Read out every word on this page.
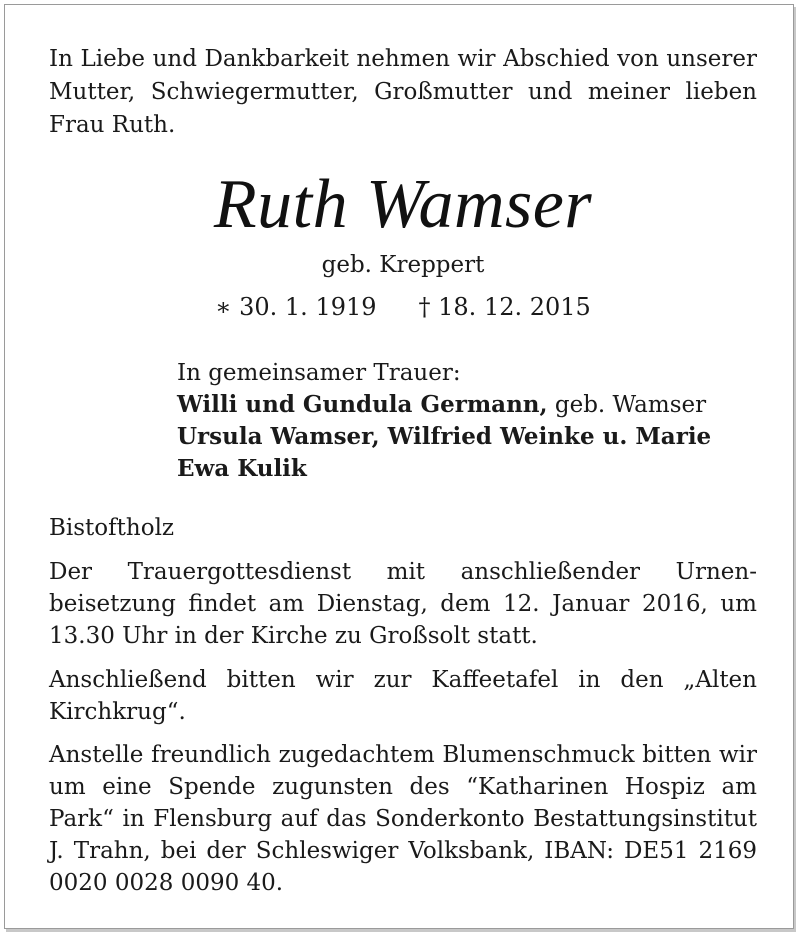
In Liebe und Dankbarkeit nehmen wir Abschied von unserer Mutter, Schwiegermutter, Großmutter und meiner lieben Frau Ruth.
Ruth Wamser
geb. Kreppert
∗ 30. 1. 1919 † 18. 12. 2015
In gemeinsamer Trauer:
Willi und Gundula Germann, geb. Wamser
Ursula Wamser, Wilfried Weinke u. Marie Ewa Kulik
Bistoftholz
Der Trauergottesdienst mit anschließender Urnenbeisetzung findet am Dienstag, dem 12. Januar 2016, um 13.30 Uhr in der Kirche zu Großsolt statt.
Anschließend bitten wir zur Kaffeetafel in den „Alten Kirchkrug“.
Anstelle freundlich zugedachtem Blumenschmuck bitten wir um eine Spende zugunsten des “Katharinen Hospiz am Park“ in Flensburg auf das Sonderkonto Bestattungsinstitut J. Trahn, bei der Schleswiger Volksbank, IBAN: DE51 2169 0020 0028 0090 40.
